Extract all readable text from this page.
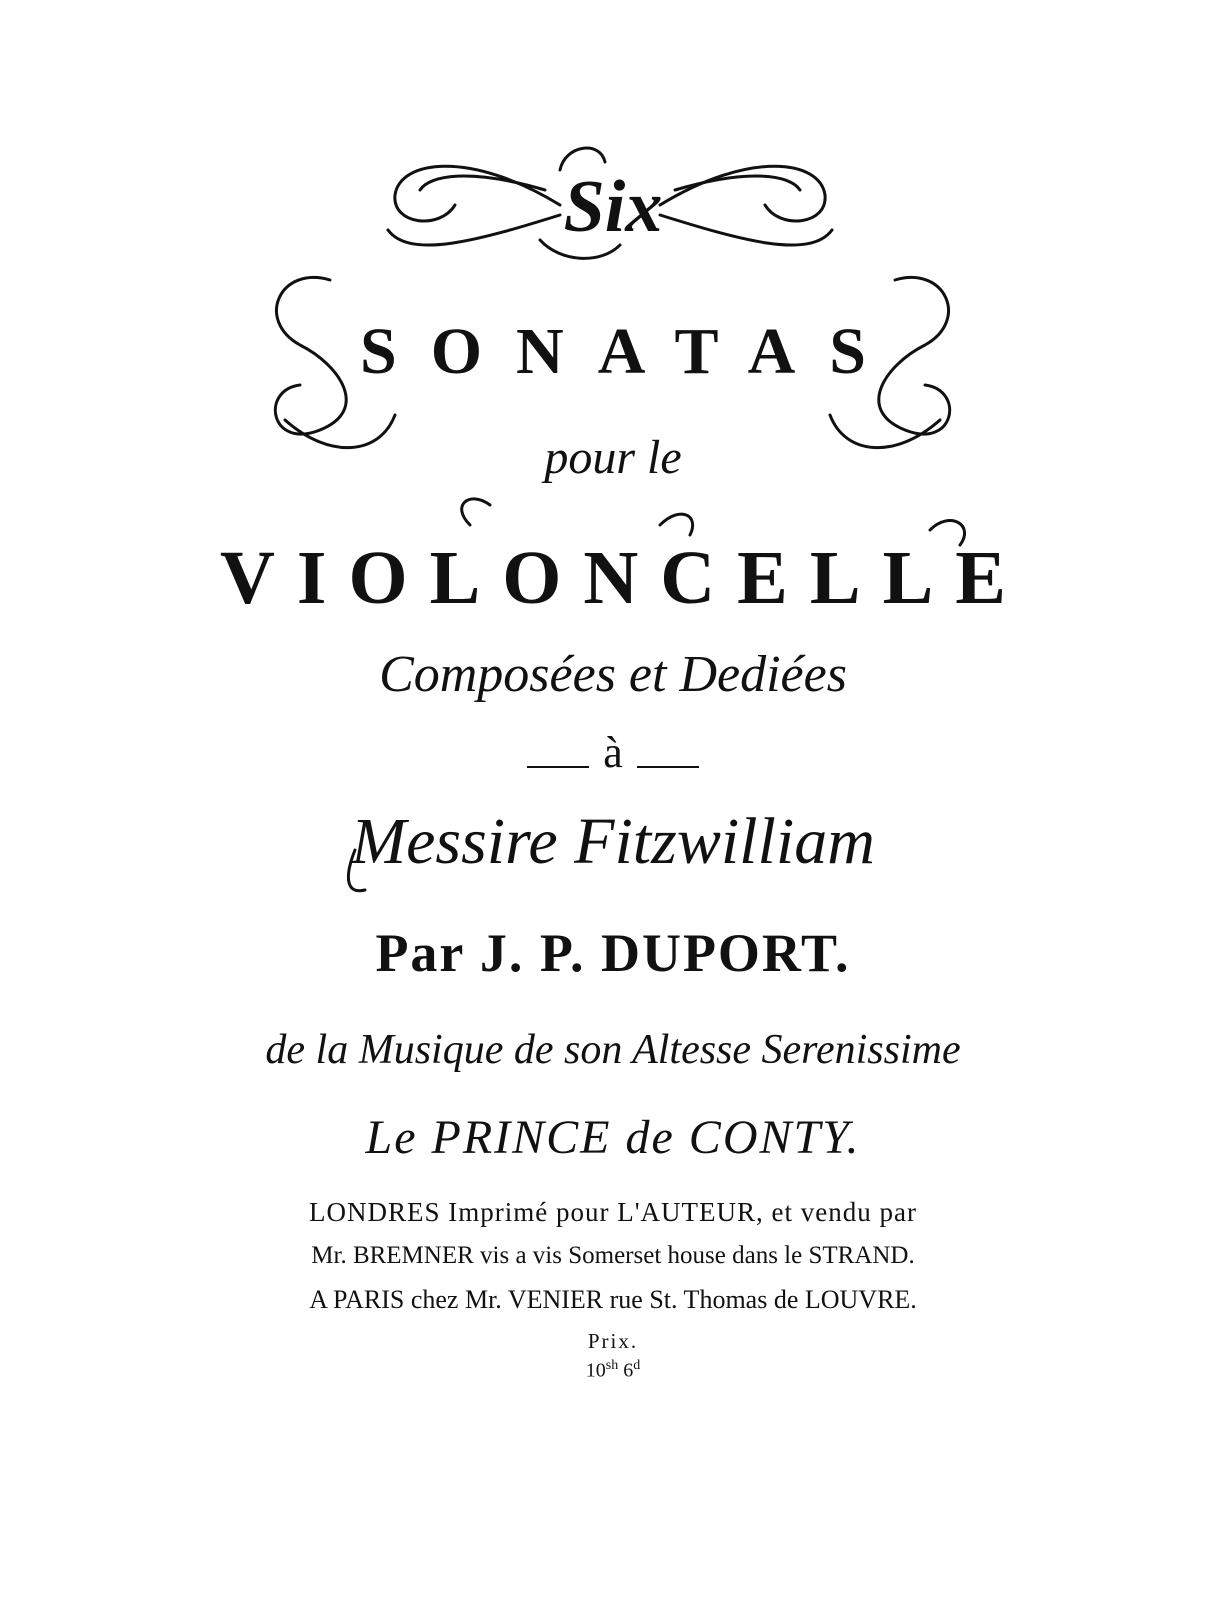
Six
SONATAS
pour le
VIOLONCELLE
Composées et Dediées
à
Messire Fitzwilliam
Par J. P. DUPORT.
de la Musique de son Altesse Serenissime
Le PRINCE de CONTY.
LONDRES Imprimé pour L'AUTEUR, et vendu par
Mr. BREMNER vis a vis Somerset house dans le STRAND.
A PARIS chez Mr. VENIER rue St. Thomas de LOUVRE.
Prix.
$10^{sh}$ 6$^d$
